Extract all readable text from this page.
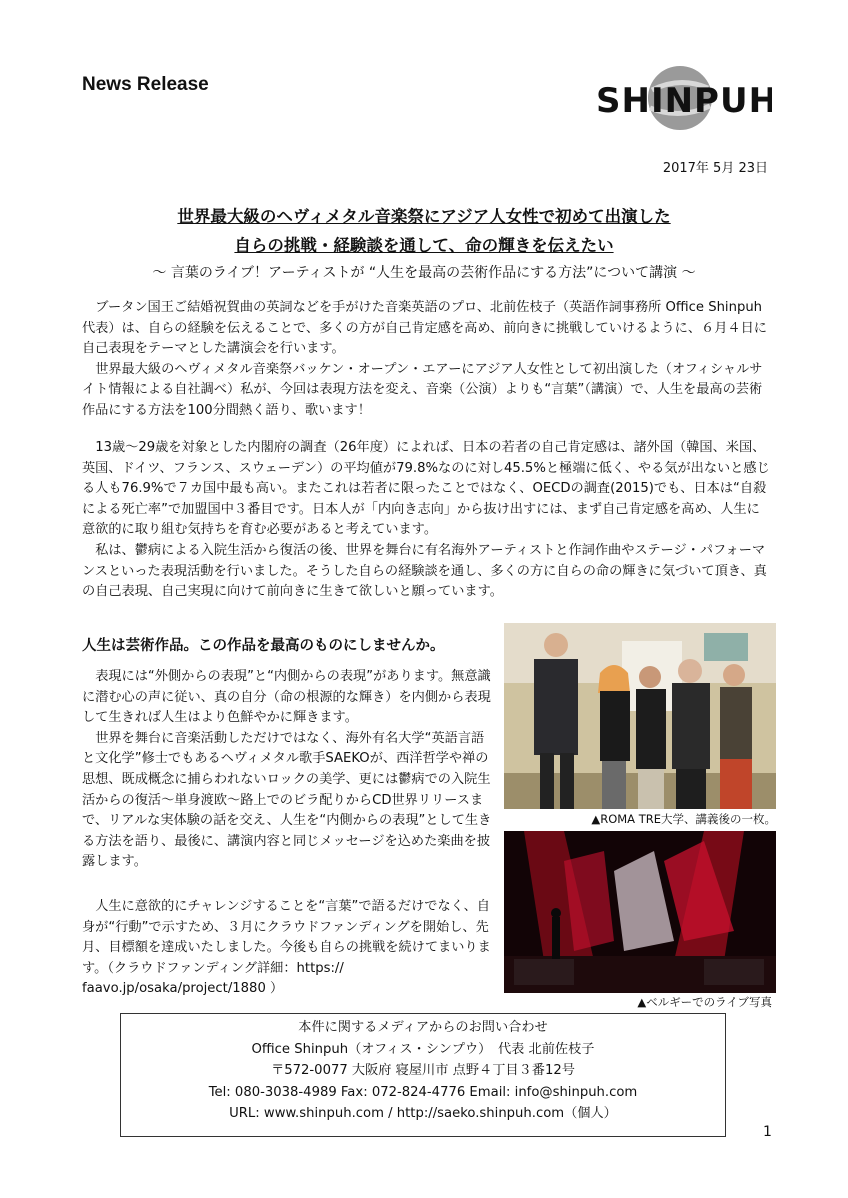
News Release	SHINPUH
2017年 5月 23日
世界最大級のヘヴィメタル音楽祭にアジア人女性で初めて出演した
自らの挑戦・経験談を通して、命の輝きを伝えたい
〜 言葉のライブ！アーティストが “人生を最高の芸術作品にする方法”について講演 〜

ブータン国王ご結婚祝賀曲の英詞などを手がけた音楽英語のプロ、北前佐枝子（英語作詞事務所 Office Shinpuh 代表）は、自らの経験を伝えることで、多くの方が自己肯定感を高め、前向きに挑戦していけるように、６月４日に自己表現をテーマとした講演会を行います。

世界最大級のヘヴィメタル音楽祭バッケン・オープン・エアーにアジア人女性として初出演した（オフィシャルサイト情報による自社調べ）私が、今回は表現方法を変え、音楽（公演）よりも“言葉”（講演）で、人生を最高の芸術作品にする方法を100分間熱く語り、歌います！

13歳〜29歳を対象とした内閣府の調査（26年度）によれば、日本の若者の自己肯定感は、諸外国（韓国、米国、英国、ドイツ、フランス、スウェーデン）の平均値が79.8%なのに対し45.5%と極端に低く、やる気が出ないと感じる人も76.9%で７カ国中最も高い。またこれは若者に限ったことではなく、OECDの調査(2015)でも、日本は“自殺による死亡率”で加盟国中３番目です。日本人が「内向き志向」から抜け出すには、まず自己肯定感を高め、人生に意欲的に取り組む気持ちを育む必要があると考えています。

私は、鬱病による入院生活から復活の後、世界を舞台に有名海外アーティストと作詞作曲やステージ・パフォーマンスといった表現活動を行いました。そうした自らの経験談を通し、多くの方に自らの命の輝きに気づいて頂き、真の自己表現、自己実現に向けて前向きに生きて欲しいと願っています。

人生は芸術作品。この作品を最高のものにしませんか。

表現には“外側からの表現”と“内側からの表現”があります。無意識に潜む心の声に従い、真の自分（命の根源的な輝き）を内側から表現して生きれば人生はより色鮮やかに輝きます。

世界を舞台に音楽活動しただけではなく、海外有名大学“英語言語と文化学”修士でもあるヘヴィメタル歌手SAEKOが、西洋哲学や禅の思想、既成概念に捕らわれないロックの美学、更には鬱病での入院生活からの復活〜単身渡欧〜路上でのビラ配りからCD世界リリースまで、リアルな実体験の話を交え、人生を“内側からの表現”として生きる方法を語り、最後に、講演内容と同じメッセージを込めた楽曲を披露します。

人生に意欲的にチャレンジすることを“言葉”で語るだけでなく、自身が“行動”で示すため、３月にクラウドファンディングを開始し、先月、目標額を達成いたしました。今後も自らの挑戦を続けてまいります。（クラウドファンディング詳細：https:// faavo.jp/osaka/project/1880 ）

▲ROMA TRE大学、講義後の一枚。
▲ベルギーでのライブ写真
本件に関するメディアからのお問い合わせ
Office Shinpuh（オフィス・シンプウ）　代表 北前佐枝子
〒572-0077 大阪府 寝屋川市 点野４丁目３番12号
Tel: 080-3038-4989 Fax: 072-824-4776 Email: info@shinpuh.com
URL: www.shinpuh.com / http://saeko.shinpuh.com（個人）
1
